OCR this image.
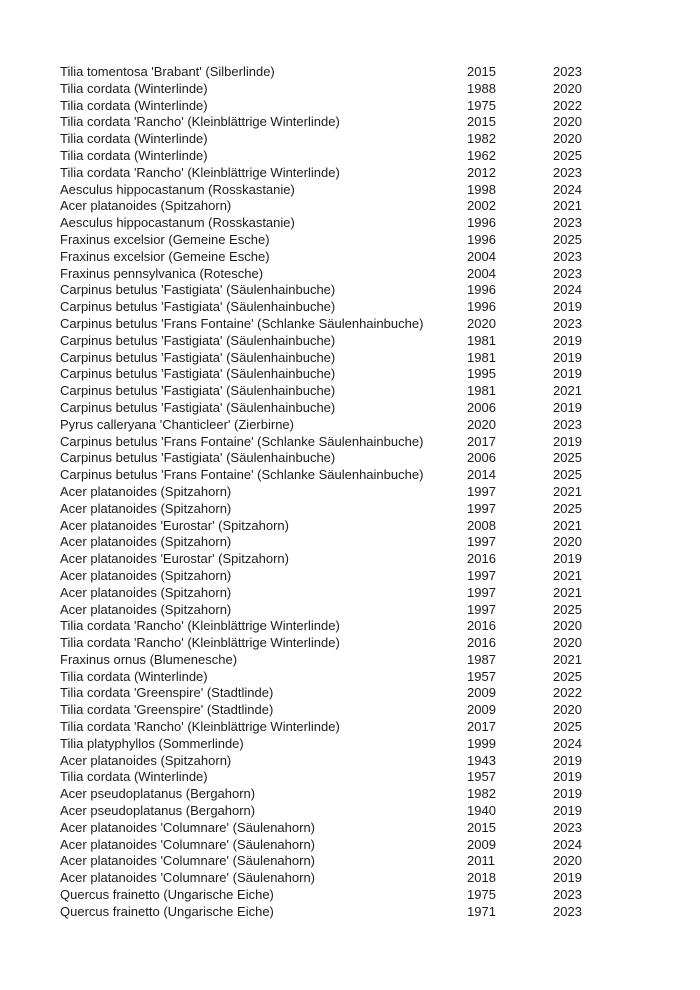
Tilia tomentosa 'Brabant' (Silberlinde)	2015	2023
Tilia cordata (Winterlinde)	1988	2020
Tilia cordata (Winterlinde)	1975	2022
Tilia cordata 'Rancho' (Kleinblättrige Winterlinde)	2015	2020
Tilia cordata (Winterlinde)	1982	2020
Tilia cordata (Winterlinde)	1962	2025
Tilia cordata 'Rancho' (Kleinblättrige Winterlinde)	2012	2023
Aesculus hippocastanum (Rosskastanie)	1998	2024
Acer platanoides (Spitzahorn)	2002	2021
Aesculus hippocastanum (Rosskastanie)	1996	2023
Fraxinus excelsior (Gemeine Esche)	1996	2025
Fraxinus excelsior (Gemeine Esche)	2004	2023
Fraxinus pennsylvanica (Rotesche)	2004	2023
Carpinus betulus 'Fastigiata' (Säulenhainbuche)	1996	2024
Carpinus betulus 'Fastigiata' (Säulenhainbuche)	1996	2019
Carpinus betulus 'Frans Fontaine' (Schlanke Säulenhainbuche)	2020	2023
Carpinus betulus 'Fastigiata' (Säulenhainbuche)	1981	2019
Carpinus betulus 'Fastigiata' (Säulenhainbuche)	1981	2019
Carpinus betulus 'Fastigiata' (Säulenhainbuche)	1995	2019
Carpinus betulus 'Fastigiata' (Säulenhainbuche)	1981	2021
Carpinus betulus 'Fastigiata' (Säulenhainbuche)	2006	2019
Pyrus calleryana 'Chanticleer' (Zierbirne)	2020	2023
Carpinus betulus 'Frans Fontaine' (Schlanke Säulenhainbuche)	2017	2019
Carpinus betulus 'Fastigiata' (Säulenhainbuche)	2006	2025
Carpinus betulus 'Frans Fontaine' (Schlanke Säulenhainbuche)	2014	2025
Acer platanoides (Spitzahorn)	1997	2021
Acer platanoides (Spitzahorn)	1997	2025
Acer platanoides 'Eurostar' (Spitzahorn)	2008	2021
Acer platanoides (Spitzahorn)	1997	2020
Acer platanoides 'Eurostar' (Spitzahorn)	2016	2019
Acer platanoides (Spitzahorn)	1997	2021
Acer platanoides (Spitzahorn)	1997	2021
Acer platanoides (Spitzahorn)	1997	2025
Tilia cordata 'Rancho' (Kleinblättrige Winterlinde)	2016	2020
Tilia cordata 'Rancho' (Kleinblättrige Winterlinde)	2016	2020
Fraxinus ornus (Blumenesche)	1987	2021
Tilia cordata (Winterlinde)	1957	2025
Tilia cordata 'Greenspire' (Stadtlinde)	2009	2022
Tilia cordata 'Greenspire' (Stadtlinde)	2009	2020
Tilia cordata 'Rancho' (Kleinblättrige Winterlinde)	2017	2025
Tilia platyphyllos (Sommerlinde)	1999	2024
Acer platanoides (Spitzahorn)	1943	2019
Tilia cordata (Winterlinde)	1957	2019
Acer pseudoplatanus (Bergahorn)	1982	2019
Acer pseudoplatanus (Bergahorn)	1940	2019
Acer platanoides 'Columnare' (Säulenahorn)	2015	2023
Acer platanoides 'Columnare' (Säulenahorn)	2009	2024
Acer platanoides 'Columnare' (Säulenahorn)	2011	2020
Acer platanoides 'Columnare' (Säulenahorn)	2018	2019
Quercus frainetto (Ungarische Eiche)	1975	2023
Quercus frainetto (Ungarische Eiche)	1971	2023
